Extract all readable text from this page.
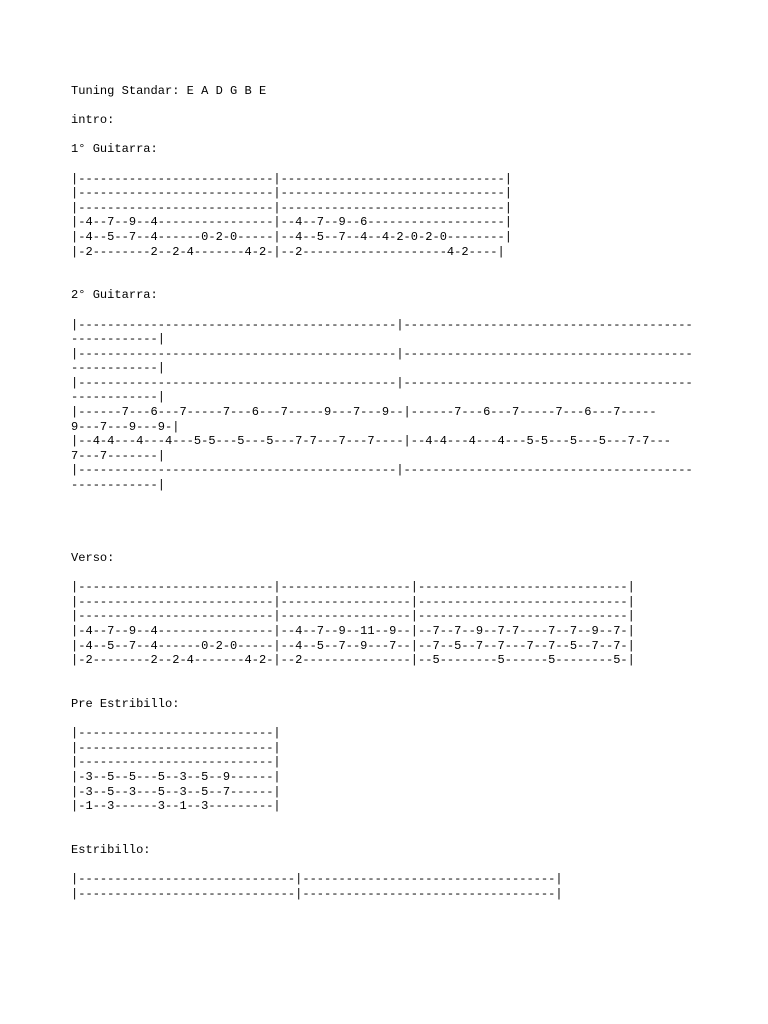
Tuning Standar: E A D G B E
intro:
1° Guitarra:
|---------------------------|-------------------------------|
|---------------------------|-------------------------------|
|---------------------------|-------------------------------|
|-4--7--9--4----------------|--4--7--9--6-------------------|
|-4--5--7--4------0-2-0-----|--4--5--7--4--4-2-0-2-0--------|
|-2--------2--2-4-------4-2-|--2--------------------4-2----|
2° Guitarra:
|--------------------------------------------|----------------------------------------
------------|
|--------------------------------------------|----------------------------------------
------------|
|--------------------------------------------|----------------------------------------
------------|
|------7---6---7-----7---6---7-----9---7---9--|------7---6---7-----7---6---7-----
9---7---9---9-|
|--4-4---4---4---5-5---5---5---7-7---7---7----|--4-4---4---4---5-5---5---5---7-7---
7---7-------|
|--------------------------------------------|----------------------------------------
------------|
Verso:
|---------------------------|------------------|-----------------------------|
|---------------------------|------------------|-----------------------------|
|---------------------------|------------------|-----------------------------|
|-4--7--9--4----------------|--4--7--9--11--9--|--7--7--9--7-7----7--7--9--7-|
|-4--5--7--4------0-2-0-----|--4--5--7--9---7--|--7--5--7--7---7--7--5--7--7-|
|-2--------2--2-4-------4-2-|--2---------------|--5--------5------5--------5-|
Pre Estribillo:
|---------------------------|
|---------------------------|
|---------------------------|
|-3--5--5---5--3--5--9------|
|-3--5--3---5--3--5--7------|
|-1--3------3--1--3---------|
Estribillo:
|------------------------------|-----------------------------------|
|------------------------------|-----------------------------------|
